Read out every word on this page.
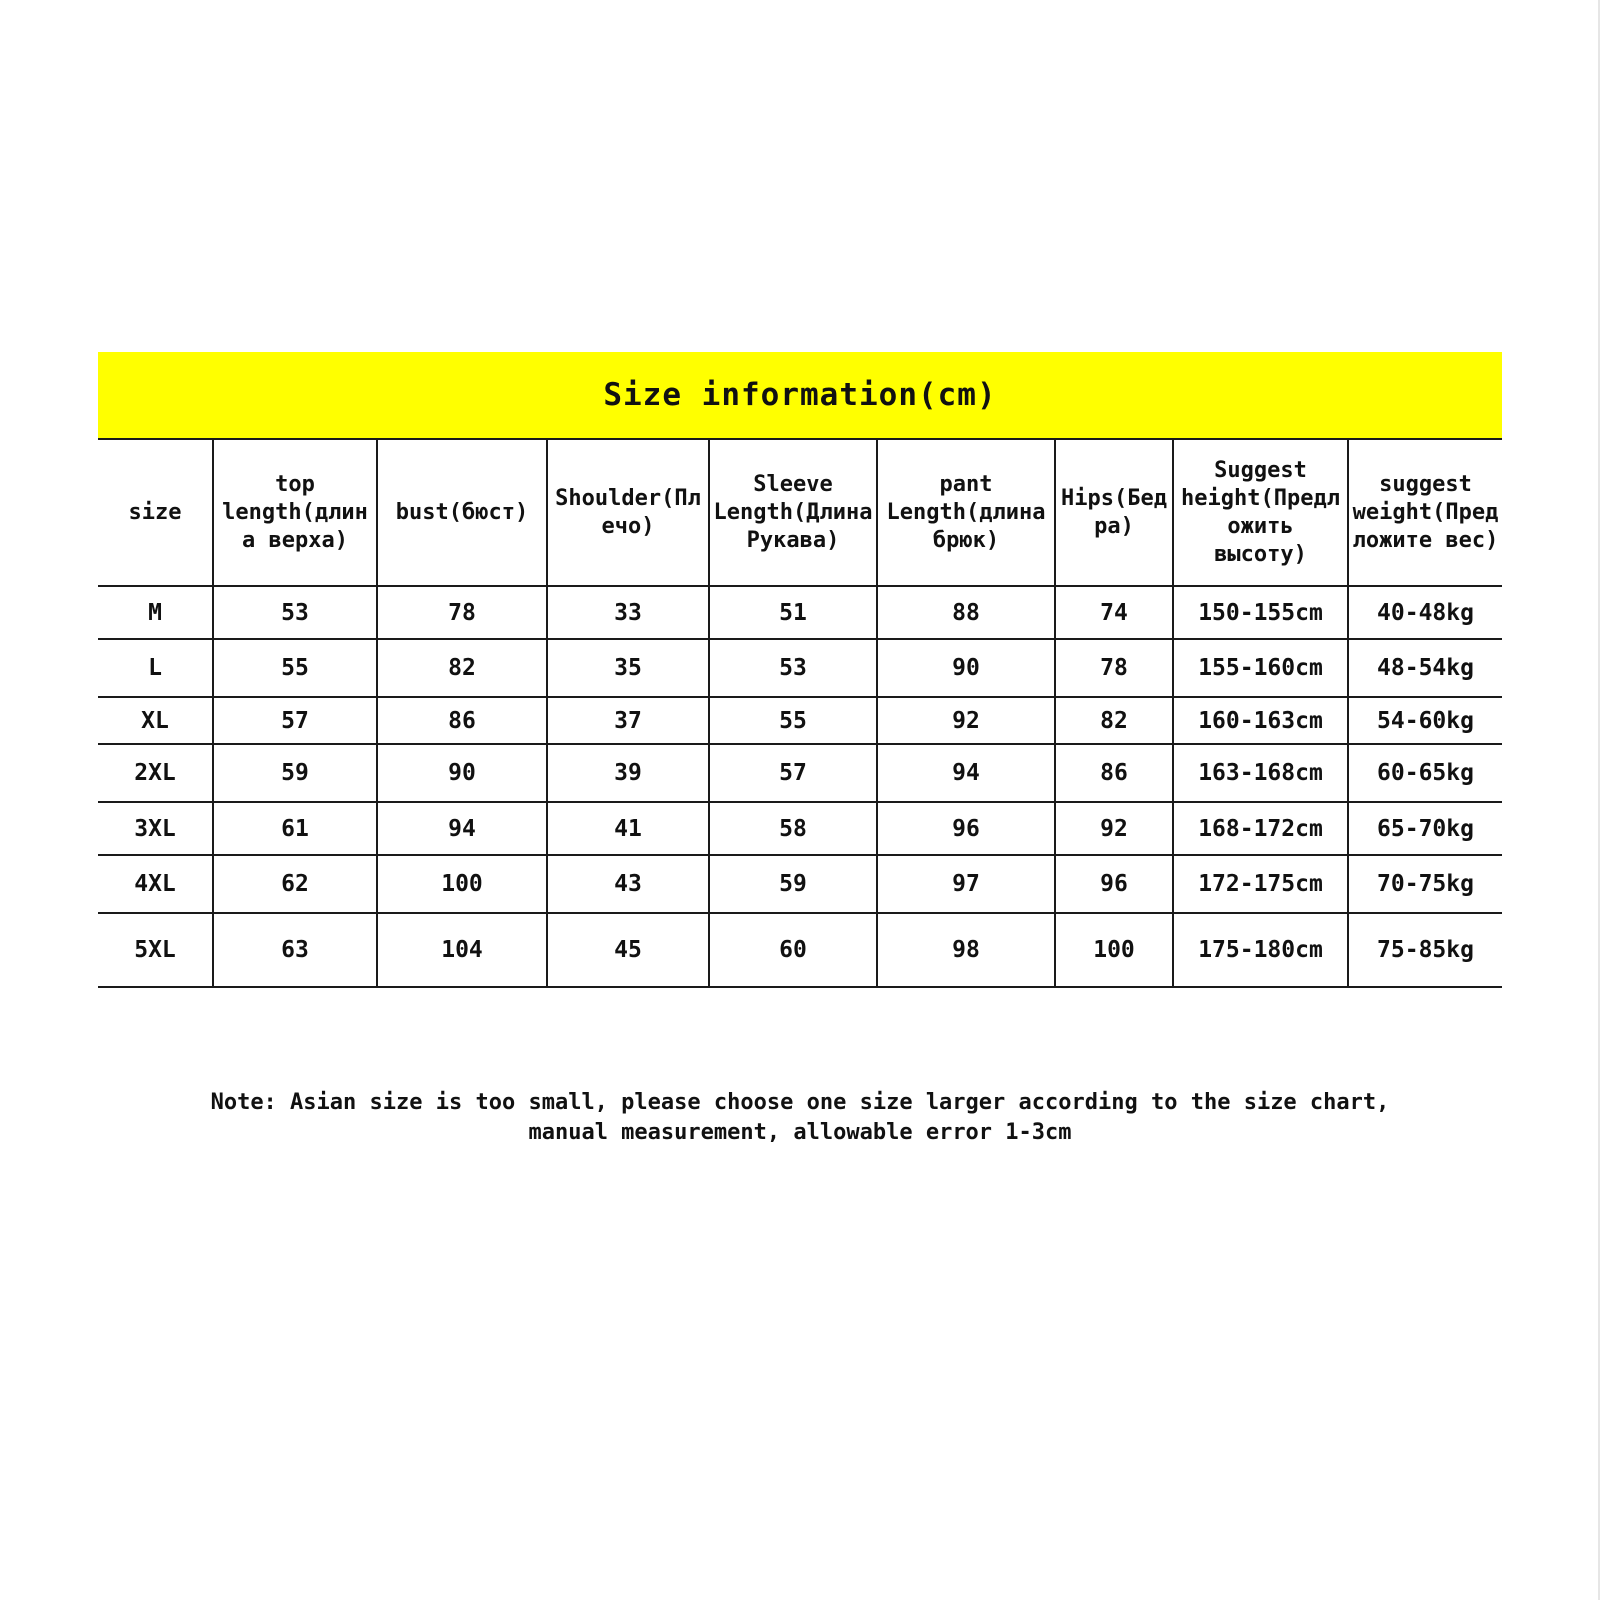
Size information(cm)
size	top length(длина верха)	bust(бюст)	Shoulder(Плечо)	Sleeve Length(Длина Рукава)	pant Length(длина брюк)	Hips(Бедра)	Suggest height(Предложить высоту)	suggest weight(Предложите вес)
M	53	78	33	51	88	74	150-155cm	40-48kg
L	55	82	35	53	90	78	155-160cm	48-54kg
XL	57	86	37	55	92	82	160-163cm	54-60kg
2XL	59	90	39	57	94	86	163-168cm	60-65kg
3XL	61	94	41	58	96	92	168-172cm	65-70kg
4XL	62	100	43	59	97	96	172-175cm	70-75kg
5XL	63	104	45	60	98	100	175-180cm	75-85kg
Note: Asian size is too small, please choose one size larger according to the size chart,
manual measurement, allowable error 1-3cm
